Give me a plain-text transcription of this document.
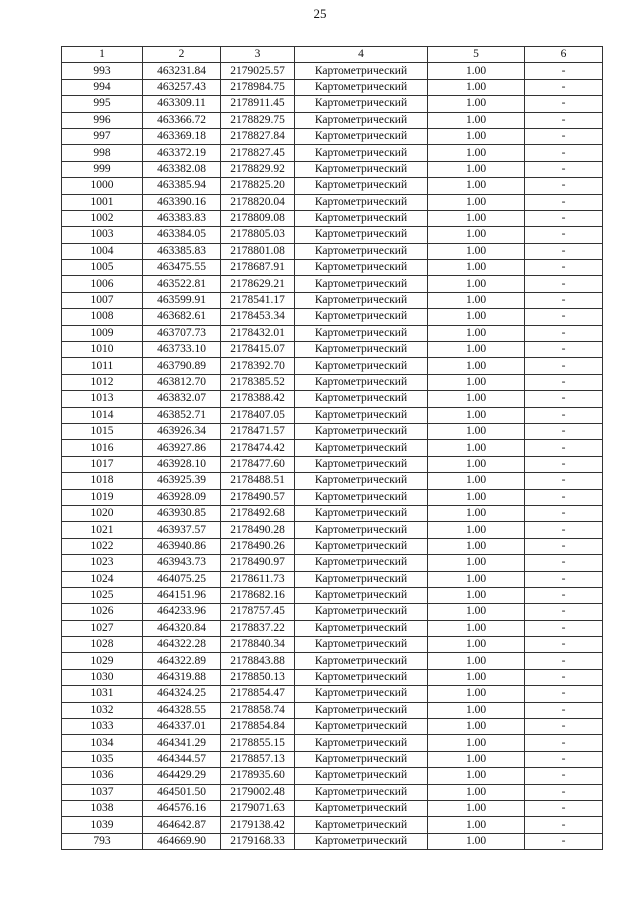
25
1	2	3	4	5	6
993	463231.84	2179025.57	Картометрический	1.00	-
994	463257.43	2178984.75	Картометрический	1.00	-
995	463309.11	2178911.45	Картометрический	1.00	-
996	463366.72	2178829.75	Картометрический	1.00	-
997	463369.18	2178827.84	Картометрический	1.00	-
998	463372.19	2178827.45	Картометрический	1.00	-
999	463382.08	2178829.92	Картометрический	1.00	-
1000	463385.94	2178825.20	Картометрический	1.00	-
1001	463390.16	2178820.04	Картометрический	1.00	-
1002	463383.83	2178809.08	Картометрический	1.00	-
1003	463384.05	2178805.03	Картометрический	1.00	-
1004	463385.83	2178801.08	Картометрический	1.00	-
1005	463475.55	2178687.91	Картометрический	1.00	-
1006	463522.81	2178629.21	Картометрический	1.00	-
1007	463599.91	2178541.17	Картометрический	1.00	-
1008	463682.61	2178453.34	Картометрический	1.00	-
1009	463707.73	2178432.01	Картометрический	1.00	-
1010	463733.10	2178415.07	Картометрический	1.00	-
1011	463790.89	2178392.70	Картометрический	1.00	-
1012	463812.70	2178385.52	Картометрический	1.00	-
1013	463832.07	2178388.42	Картометрический	1.00	-
1014	463852.71	2178407.05	Картометрический	1.00	-
1015	463926.34	2178471.57	Картометрический	1.00	-
1016	463927.86	2178474.42	Картометрический	1.00	-
1017	463928.10	2178477.60	Картометрический	1.00	-
1018	463925.39	2178488.51	Картометрический	1.00	-
1019	463928.09	2178490.57	Картометрический	1.00	-
1020	463930.85	2178492.68	Картометрический	1.00	-
1021	463937.57	2178490.28	Картометрический	1.00	-
1022	463940.86	2178490.26	Картометрический	1.00	-
1023	463943.73	2178490.97	Картометрический	1.00	-
1024	464075.25	2178611.73	Картометрический	1.00	-
1025	464151.96	2178682.16	Картометрический	1.00	-
1026	464233.96	2178757.45	Картометрический	1.00	-
1027	464320.84	2178837.22	Картометрический	1.00	-
1028	464322.28	2178840.34	Картометрический	1.00	-
1029	464322.89	2178843.88	Картометрический	1.00	-
1030	464319.88	2178850.13	Картометрический	1.00	-
1031	464324.25	2178854.47	Картометрический	1.00	-
1032	464328.55	2178858.74	Картометрический	1.00	-
1033	464337.01	2178854.84	Картометрический	1.00	-
1034	464341.29	2178855.15	Картометрический	1.00	-
1035	464344.57	2178857.13	Картометрический	1.00	-
1036	464429.29	2178935.60	Картометрический	1.00	-
1037	464501.50	2179002.48	Картометрический	1.00	-
1038	464576.16	2179071.63	Картометрический	1.00	-
1039	464642.87	2179138.42	Картометрический	1.00	-
793	464669.90	2179168.33	Картометрический	1.00	-
